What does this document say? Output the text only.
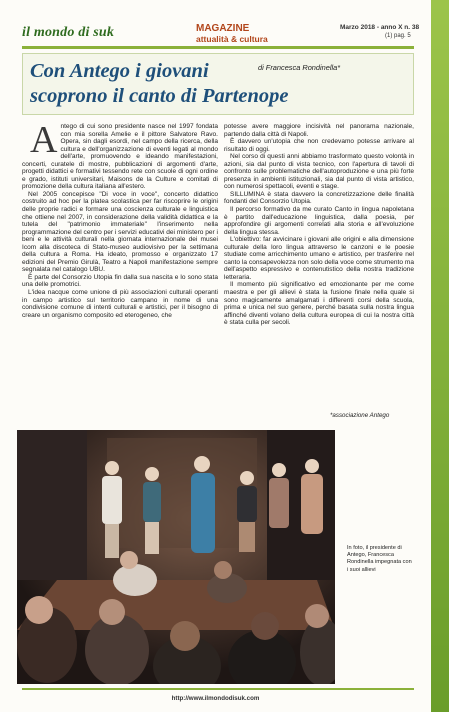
il mondo di suk	MAGAZINE
attualità & cultura
Marzo 2018 - anno X n. 38
(1) pag. 5
Con Antego i giovani
scoprono il canto di Partenope
di Francesca Rondinella*
A ntego di cui sono presidente nasce nel 1997 fondata con mia sorella Amelie e il pittore Salvatore Ravo. Opera, sin dagli esordi, nel campo della ricerca, della cultura e dell'organizzazione di eventi legati al mondo dell'arte, promuovendo e ideando manifestazioni, concerti, curatele di mostre, pubblicazioni di argomenti d'arte, progetti didattici e formativi tessendo rete con scuole di ogni ordine e grado, istituti universitari, Maisons de la Culture e comitati di promozione della cultura italiana all'estero.

Nel 2005 concepisce "Di voce in voce", concerto didattico costruito ad hoc per la platea scolastica per far riscoprire le origini delle proprie radici e formare una coscienza culturale e linguistica che ottiene nel 2007, in considerazione della validità didattica e la tutela del "patrimonio immateriale" l'inserimento nella programmazione del centro per i servizi educativi dei ministero per i beni e le attività culturali nella giornata internazionale dei musei Icom alla discoteca di Stato-museo audiovisivo per la settimana della cultura a Roma. Ha ideato, promosso e organizzato 17 edizioni del Premio Girulà, Teatro a Napoli manifestazione sempre segnalata nel catalogo UBU.

È parte del Consorzio Utopia fin dalla sua nascita e lo sono stata una delle promotrici.

L'idea nacque come unione di più associazioni culturali operanti in campo artistico sul territorio campano in nome di una condivisione comune di intenti culturali e artistici, per il bisogno di creare un organismo composito ed eterogeneo, che

potesse avere maggiore incisività nel panorama nazionale, partendo dalla città di Napoli.

È davvero un'utopia che non credevamo potesse arrivare al risultato di oggi.

Nel corso di questi anni abbiamo trasformato questo volontà in azioni, sia dal punto di vista tecnico, con l'apertura di tavoli di confronto sulle problematiche dell'autoproduzione e una più forte presenza in ambienti istituzionali, sia dal punto di vista artistico, con numerosi spettacoli, eventi e stage.

SILLUMINA è stata davvero la concretizzazione delle finalità fondanti del Consorzio Utopia.

Il percorso formativo da me curato Canto in lingua napoletana è partito dall'educazione linguistica, dalla poesia, per approfondire gli argomenti correlati alla storia e all'evoluzione della lingua stessa.

L'obiettivo: far avvicinare i giovani alle origini e alla dimensione culturale della loro lingua attraverso le canzoni e le poesie studiate come arricchimento umano e artistico, per trasferire nel canto la consapevolezza non solo della voce come strumento ma dell'aspetto espressivo e contenutistico della nostra tradizione letteraria.

Il momento più significativo ed emozionante per me come maestra e per gli allievi è stata la fusione finale nella quale si sono magicamente amalgamati i differenti corsi della scuola, prima e unica nel suo genere, perché basata sulla nostra lingua affinché diventi volano della cultura europea di cui la nostra città è stata culla per secoli.

*associazione Antego
In foto, il presidente di Antego, Francesca Rondinella impegnata con i suoi allievi
http://www.ilmondodisuk.com
